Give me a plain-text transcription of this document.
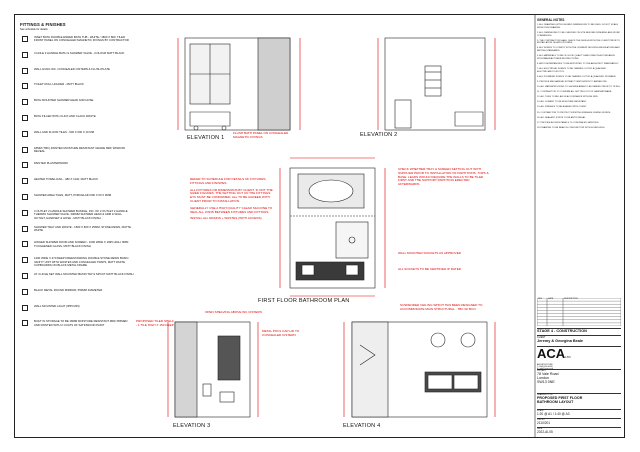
FITTINGS & FINISHES
See schedule for details
INSET BATH DOUBLE ENDED BATH TUB - WHITE / 1800 X 800. TILED FRONT PANEL ON CONCEALED MAGNETIC FIXINGS BY CONTRACTOR
3 HOLE 3 HANDLE BATH & SHOWER VALVE - COLOUR MATT BLACK
WALL HUNG WC. CONCEALED CISTERN & FLUSH PLATE
TOILET ROLL HOLDER - MATT BLACK
BATH MOUNTED SHOWER HEAD AND HOSE
BATH FILLER WITH CLICK AND CLACK WASTE
WALL AND FLOOR TILES - 600 X 600 X 10 MM
18MM (TBC) PAINTED MOISTURE RESISTANT GRADE MDF WINDOW REVEAL
PAINTED PLASTERWORK
HEATED TOWEL RAIL - 480 X 1140, MATT BLACK
SHOWER AREA TILES, MATT, PORCELAIN 600 X 60 X 9MM
3 OUTLET 2 HANDLE SHOWER BUNDLE, INC. OF 2 OUTLET 2 HANDLE THERMO SHOWER VALVE, 300MM SHOWER HEAD & ARM & WALL OUTLET, HANDSET & HOSE - MATT BLACK FINISH
SHOWER TRAY AND WASTE - 1500 X 800 X 25MM, STONE RESIN, MATTE WHITE
HINGED SHOWER DOOR AND SCREEN - 1000 WIDE X 1995 HIGH, 8MM TOUGHENED GLASS, MATT BLACK FINISH
1400 WIDE X 470 DEEP FREESTANDING DOUBLE STONE RESIN BASIN VANITY UNIT WITH WASTES AND CONCEALED TRAPS, MATT WHITE CUPBOARDS ON BLACK METAL FRAME
2X 3 HOLE SET WALL MOUNTED BASIN TAP & SPOUT MATT BLACK FINISH
BLACK METAL ROUND MIRROR, 550MM DIAMETER
WALL MOUNTED LIGHT (IP65 MIN)
BUILT IN STORAGE TO BE 18MM MOISTURE RESISTANT MDF PRIMED AND PAINTED WITH 2 COATS OF SATINWOOD PAINT
ELEVATION 1	ELEVATION 2
FIRST FLOOR BATHROOM PLAN
ELEVATION 3	ELEVATION 4
FLUSH BATH PANEL ON CONCEALED MAGNETIC FIXINGS
REFER TO SCHEDULE FOR DETAILS OF FIXTURES, FITTINGS AND FINISHES
ALL FIXTURES OR DIMENSIONS BY CLIENT. IF NOT THE SIZED FIGURES, THE SETTING OUT OF THE FITTINGS ETC MUST BE CONFIRMED. ALL TO BE AGREED WITH CLIENT PRIOR TO INSTALLATION.
GENERALLY USE A HIGH QUALITY CLEAR SILICONE TO SEAL ALL JOINS BETWEEN FIXTURES AND FITTINGS.
INSTALL ALL DRAINS + WASTES (WITH ACCESS)
CHECK WHETHER TRAY & SCREEN SETTING OUT WITH SUPPLIER PRIOR TO INSTALLATION OF PARTITIONS, TOPS & BASE. LEADS WOULD REQUIRE THE WALLS TO BE TILED FIRST AND THE SUPPORT PARTITION ERECTED AFTERWARDS
WALL MOUNTED SOCKETS AS APPROVED
ALL SOCKETS TO BE CERTIFIED IP RATED
OPEN SHELVING ABOVE WC CISTERN
PROPOSED TILED SHELF - 1 TILE HIGH X 150 DEEP
METAL POOL CAP LID TO CONCEALED CISTERN
SUSPENDED CEILING WHICH HAS BEEN DESIGNED TO ACCOMMODATE MAIN STRUCTURAL - TBC W/ BCO
GENERAL NOTES
1. ALL DRAWINGS WITH FIGURED DIMENSIONS TO BE USED. DO NOT SCALE FROM THIS DRAWING.
2. ALL DIMENSIONS TO BE CHECKED ON SITE BEFORE ORDERING AND WORK COMMENCES.
3. THE CONTRACTOR SHALL CHECK THE DESIGN WITH THE CLIENT PRIOR TO INSTALLATION OF ANY FIXTURES.
4. ALL WORKS TO COMPLY WITH THE CURRENT BUILDING REGULATIONS AND BRITISH STANDARDS.
5. ALL MATERIALS TO BE OF GOOD QUALITY AND FIXED IN ACCORDANCE WITH MANUFACTURER INSTRUCTIONS.
6. ANY DISCREPANCIES TO BE REPORTED TO THE ARCHITECT IMMEDIATELY.
7. ALL ELECTRICAL WORKS TO BE CARRIED OUT BY A QUALIFIED ELECTRICIAN TO BS 7671.
8. ALL PLUMBING WORKS TO BE CARRIED OUT BY A QUALIFIED PLUMBER.
9. PROVIDE MECHANICAL EXTRACT VENTILATION TO BATHROOM.
10. ALL WATERPROOFING TO SHOWER AREA TO BE TANKED PRIOR TO TILING.
11. CONTRACTOR TO CONFIRM ALL SETTING OUT OF SANITARYWARE.
12. ALL TILES TO BE LAID IN ACCORDANCE WITH BS 5385.
13. ALL JOINERY TO BE MOISTURE RESISTANT.
14. ALL FINISHES TO BE AGREED WITH CLIENT.
15. CONTRACTOR TO PROTECT EXISTING FINISHES DURING WORKS.
16. ALL SEALANT JOINTS TO BE ANTI-FUNGAL.
17. PROVIDE ACCESS PANELS TO CONCEALED SERVICES.
18. DRAWING TO BE READ IN CONJUNCTION WITH SCHEDULES.
REV	DATE	DESCRIPTION
STAGE 4 - CONSTRUCTION
CLIENT
Jeremy & Georgina Beale
ACALTD
ARCHITECTURE
T: 0000 000 0000
E: info@aca.co.uk
PROJECT
78 Vale Road
London
SW13 0NE
DRAWING TITLE
PROPOSED FIRST FLOOR
BATHROOM LAYOUT
SCALE
1:20 @ A1 / 1:40 @ A3
JOB NO.
2110/201
DATE
2022-AI-05
